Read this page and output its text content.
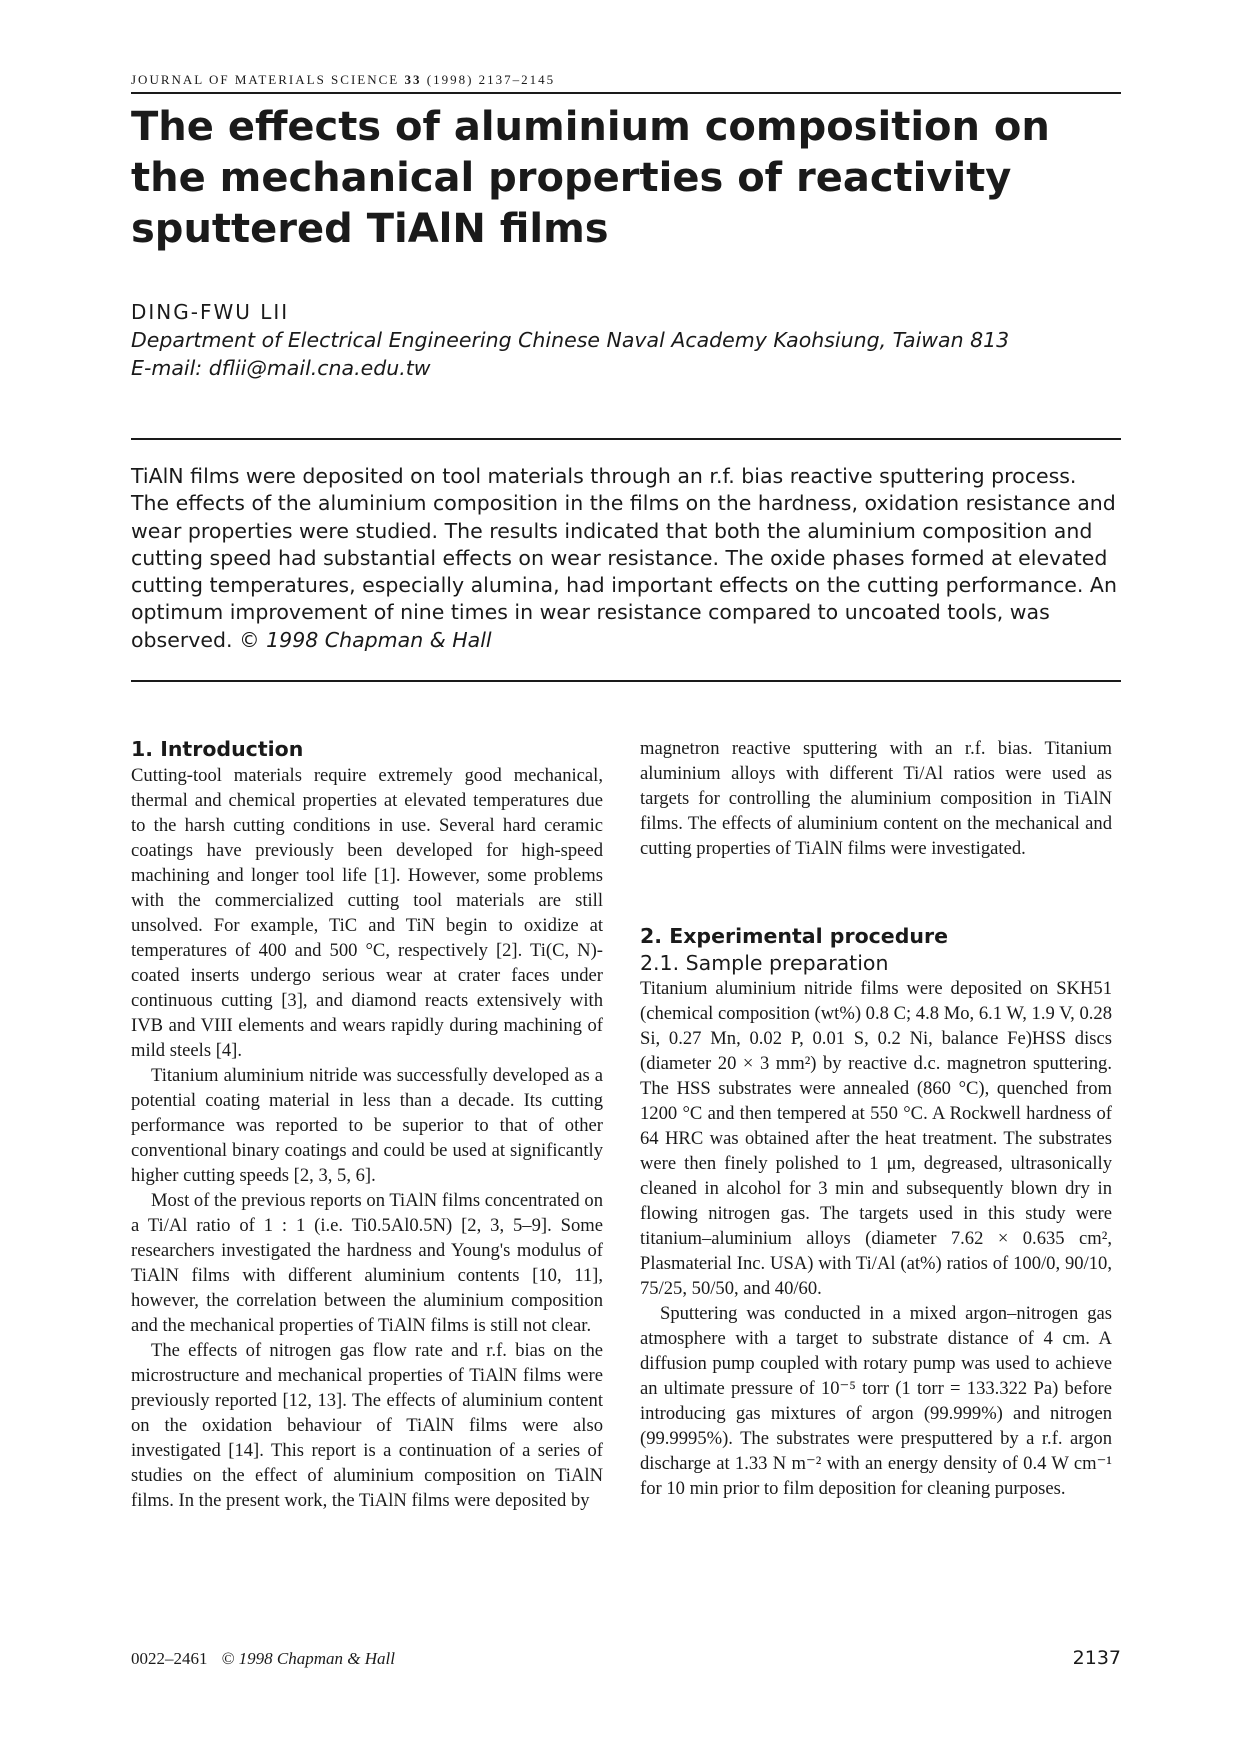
JOURNAL OF MATERIALS SCIENCE 33 (1998) 2137–2145
The effects of aluminium composition on the mechanical properties of reactivity sputtered TiAlN films
DING-FWU LII
Department of Electrical Engineering Chinese Naval Academy Kaohsiung, Taiwan 813
E-mail: dflii@mail.cna.edu.tw
TiAlN films were deposited on tool materials through an r.f. bias reactive sputtering process. The effects of the aluminium composition in the films on the hardness, oxidation resistance and wear properties were studied. The results indicated that both the aluminium composition and cutting speed had substantial effects on wear resistance. The oxide phases formed at elevated cutting temperatures, especially alumina, had important effects on the cutting performance. An optimum improvement of nine times in wear resistance compared to uncoated tools, was observed. © 1998 Chapman & Hall
1. Introduction

Cutting-tool materials require extremely good mechanical, thermal and chemical properties at elevated temperatures due to the harsh cutting conditions in use. Several hard ceramic coatings have previously been developed for high-speed machining and longer tool life [1]. However, some problems with the commercialized cutting tool materials are still unsolved. For example, TiC and TiN begin to oxidize at temperatures of 400 and 500 °C, respectively [2]. Ti(C, N)-coated inserts undergo serious wear at crater faces under continuous cutting [3], and diamond reacts extensively with IVB and VIII elements and wears rapidly during machining of mild steels [4].

Titanium aluminium nitride was successfully developed as a potential coating material in less than a decade. Its cutting performance was reported to be superior to that of other conventional binary coatings and could be used at significantly higher cutting speeds [2, 3, 5, 6].

Most of the previous reports on TiAlN films concentrated on a Ti/Al ratio of 1 : 1 (i.e. Ti0.5Al0.5N) [2, 3, 5–9]. Some researchers investigated the hardness and Young's modulus of TiAlN films with different aluminium contents [10, 11], however, the correlation between the aluminium composition and the mechanical properties of TiAlN films is still not clear.

The effects of nitrogen gas flow rate and r.f. bias on the microstructure and mechanical properties of TiAlN films were previously reported [12, 13]. The effects of aluminium content on the oxidation behaviour of TiAlN films were also investigated [14]. This report is a continuation of a series of studies on the effect of aluminium composition on TiAlN films. In the present work, the TiAlN films were deposited by

magnetron reactive sputtering with an r.f. bias. Titanium aluminium alloys with different Ti/Al ratios were used as targets for controlling the aluminium composition in TiAlN films. The effects of aluminium content on the mechanical and cutting properties of TiAlN films were investigated.

2. Experimental procedure
2.1. Sample preparation

Titanium aluminium nitride films were deposited on SKH51 (chemical composition (wt%) 0.8 C; 4.8 Mo, 6.1 W, 1.9 V, 0.28 Si, 0.27 Mn, 0.02 P, 0.01 S, 0.2 Ni, balance Fe)HSS discs (diameter 20 × 3 mm²) by reactive d.c. magnetron sputtering. The HSS substrates were annealed (860 °C), quenched from 1200 °C and then tempered at 550 °C. A Rockwell hardness of 64 HRC was obtained after the heat treatment. The substrates were then finely polished to 1 μm, degreased, ultrasonically cleaned in alcohol for 3 min and subsequently blown dry in flowing nitrogen gas. The targets used in this study were titanium–aluminium alloys (diameter 7.62 × 0.635 cm², Plasmaterial Inc. USA) with Ti/Al (at%) ratios of 100/0, 90/10, 75/25, 50/50, and 40/60.

Sputtering was conducted in a mixed argon–nitrogen gas atmosphere with a target to substrate distance of 4 cm. A diffusion pump coupled with rotary pump was used to achieve an ultimate pressure of 10⁻⁵ torr (1 torr = 133.322 Pa) before introducing gas mixtures of argon (99.999%) and nitrogen (99.9995%). The substrates were presputtered by a r.f. argon discharge at 1.33 N m⁻² with an energy density of 0.4 W cm⁻¹ for 10 min prior to film deposition for cleaning purposes.

0022–2461 © 1998 Chapman & Hall	2137
